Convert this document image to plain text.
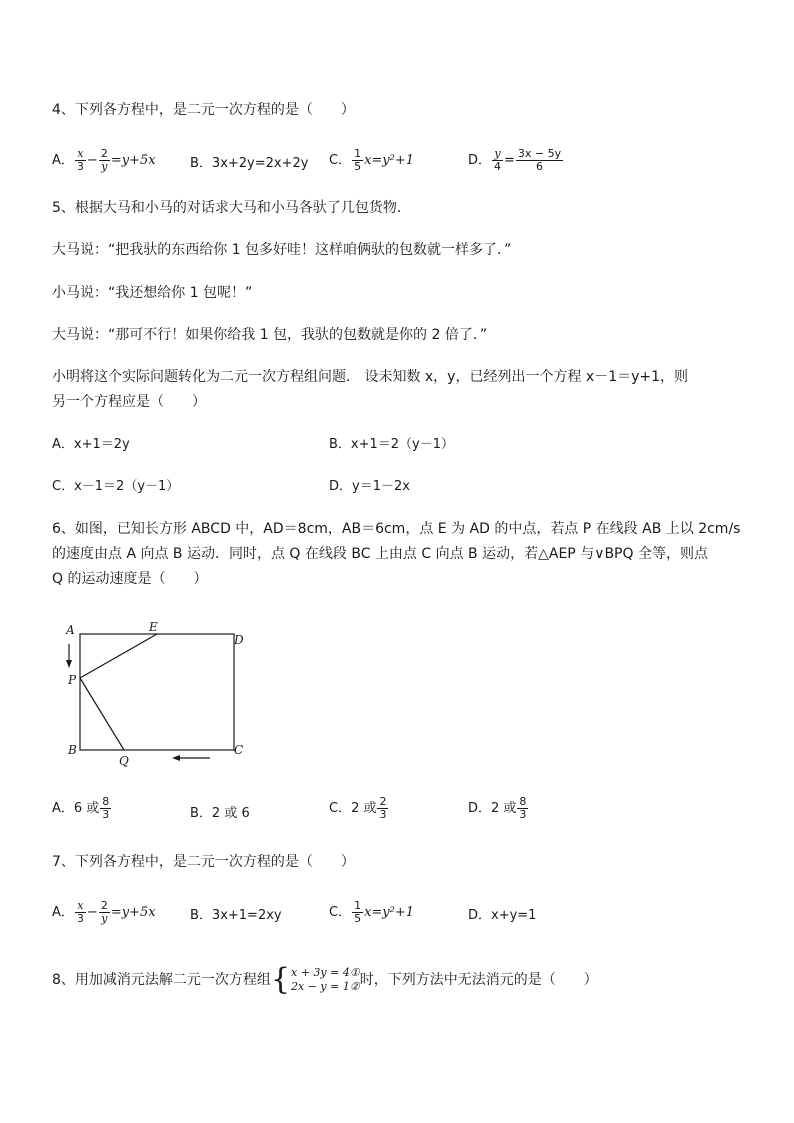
4、下列各方程中，是二元一次方程的是（　　）
A． $\frac{x}{3} - \frac{2}{y} =y+5x$	B．3x+2y=2x+2y C． $\frac{1}{5} x=y^2+1$	D． $\frac{y}{4} = \frac{3x - 5y}{6}$
5、根据大马和小马的对话求大马和小马各驮了几包货物．
大马说：“把我驮的东西给你 1 包多好哇！这样咱俩驮的包数就一样多了．”
小马说：“我还想给你 1 包呢！”
大马说：“那可不行！如果你给我 1 包，我驮的包数就是你的 2 倍了．”
小明将这个实际问题转化为二元一次方程组问题． 设未知数 x，y，已经列出一个方程 x－1＝y+1，则
另一个方程应是（　　）
A．x+1＝2y	B．x+1＝2（y－1）
C．x－1＝2（y－1）	D．y＝1－2x
6、如图，已知长方形 ABCD 中，AD＝8cm，AB＝6cm，点 E 为 AD 的中点，若点 P 在线段 AB 上以 2cm/s
的速度由点 A 向点 B 运动．同时，点 Q 在线段 BC 上由点 C 向点 B 运动，若△AEP 与∨BPQ 全等，则点
Q 的运动速度是（　　）
A	E
D
P
B
Q
C
A．6 或 $\frac{8}{3}$	B．2 或 6	C．2 或 $\frac{2}{3}$	D．2 或 $\frac{8}{3}$
7、下列各方程中，是二元一次方程的是（　　）
A． $\frac{x}{3} - \frac{2}{y} =y+5x$	B．3x+1=2xy	C． $\frac{1}{5} x=y^2+1$	D．x+y=1
8、用加减消元法解二元一次方程组 { x + 3y = 4①
2x − y = 1② 时，下列方法中无法消元的是（　　）
